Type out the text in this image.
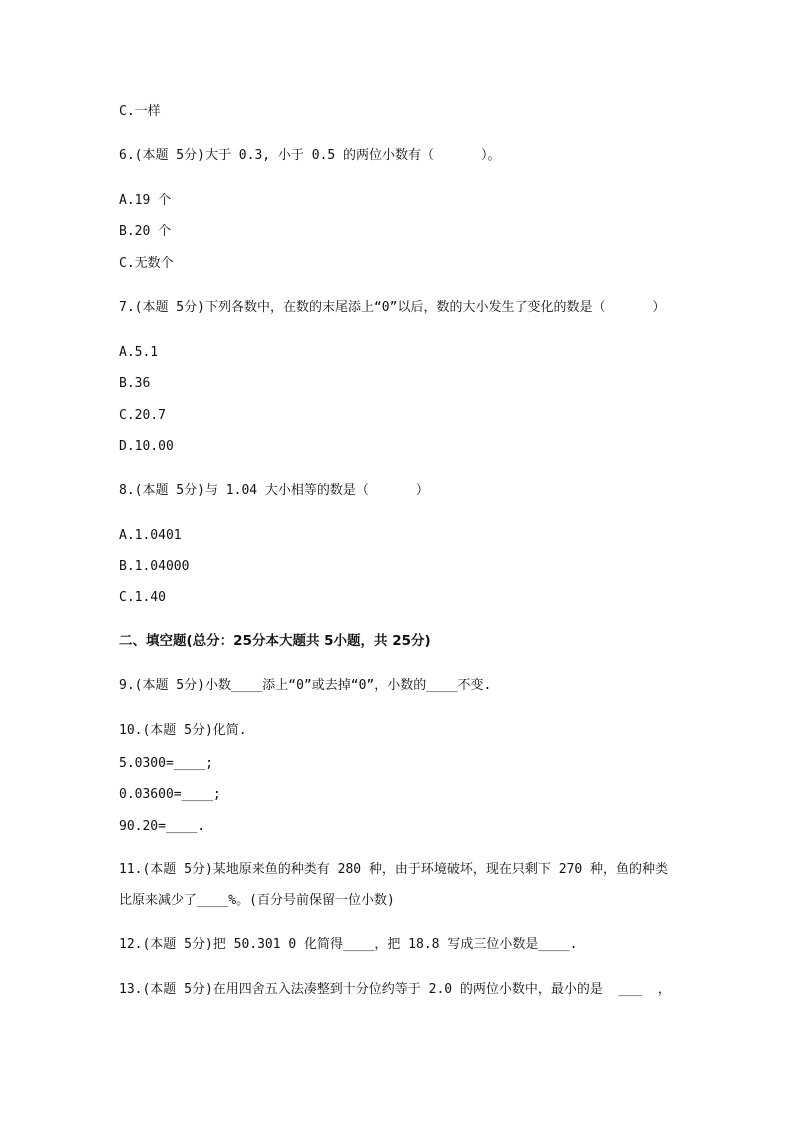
C.一样
6.(本题 5分)大于 0.3, 小于 0.5 的两位小数有（      ）。
A.19 个
B.20 个
C.无数个
7.(本题 5分)下列各数中，在数的末尾添上“0”以后，数的大小发生了变化的数是（      ）
A.5.1
B.36
C.20.7
D.10.00
8.(本题 5分)与 1.04 大小相等的数是（      ）
A.1.0401
B.1.04000
C.1.40
二、填空题(总分：25分本大题共 5小题，共 25分)
9.(本题 5分)小数____添上“0”或去掉“0”，小数的____不变.
10.(本题 5分)化简.
5.0300=____;
0.03600=____;
90.20=____.
11.(本题 5分)某地原来鱼的种类有 280 种，由于环境破坏，现在只剩下 270 种，鱼的种类
比原来减少了____%。(百分号前保留一位小数)
12.(本题 5分)把 50.301 0 化简得____，把 18.8 写成三位小数是____.
13.(本题 5分)在用四舍五入法凑整到十分位约等于 2.0 的两位小数中，最小的是  ___  ，
